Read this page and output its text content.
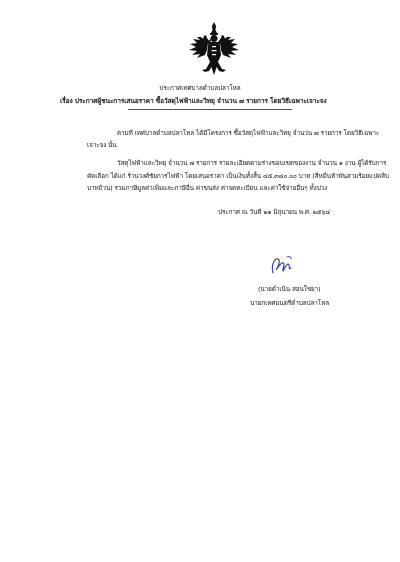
ประกาศเทศบาลตำบลปลาโหล
เรื่อง ประกาศผู้ชนะการเสนอราคา ซื้อวัสดุไฟฟ้าและวิทยุ จำนวน ๗ รายการ โดยวิธีเฉพาะเจาะจง
ตามที่ เทศบาลตำบลปลาโหล ได้มีโครงการ ซื้อวัสดุไฟฟ้าและวิทยุ จำนวน ๗ รายการ โดยวิธีเฉพาะ
เจาะจง นั้น
วัสดุไฟฟ้าและวิทยุ จำนวน ๗ รายการ รายละเอียดตามร่างขอบเขตของงาน จำนวน ๑ งาน ผู้ได้รับการ
คัดเลือก ได้แก่ ร้านวงศ์ชัยการไฟฟ้า โดยเสนอราคา เป็นเงินทั้งสิ้น ๔๕,๓๘๐.๐๐ บาท (สี่หมื่นห้าพันสามร้อยแปดสิบ
บาทถ้วน) รวมภาษีมูลค่าเพิ่มและภาษีอื่น ค่าขนส่ง ค่าจดทะเบียน และค่าใช้จ่ายอื่นๆ ทั้งปวง
ประกาศ ณ วันที่ ๒๑ มิถุนายน พ.ศ. ๒๕๖๔
(นายดำเนิน สอนใชยา)
นายกเทศมนตรีตำบลปลาโหล
